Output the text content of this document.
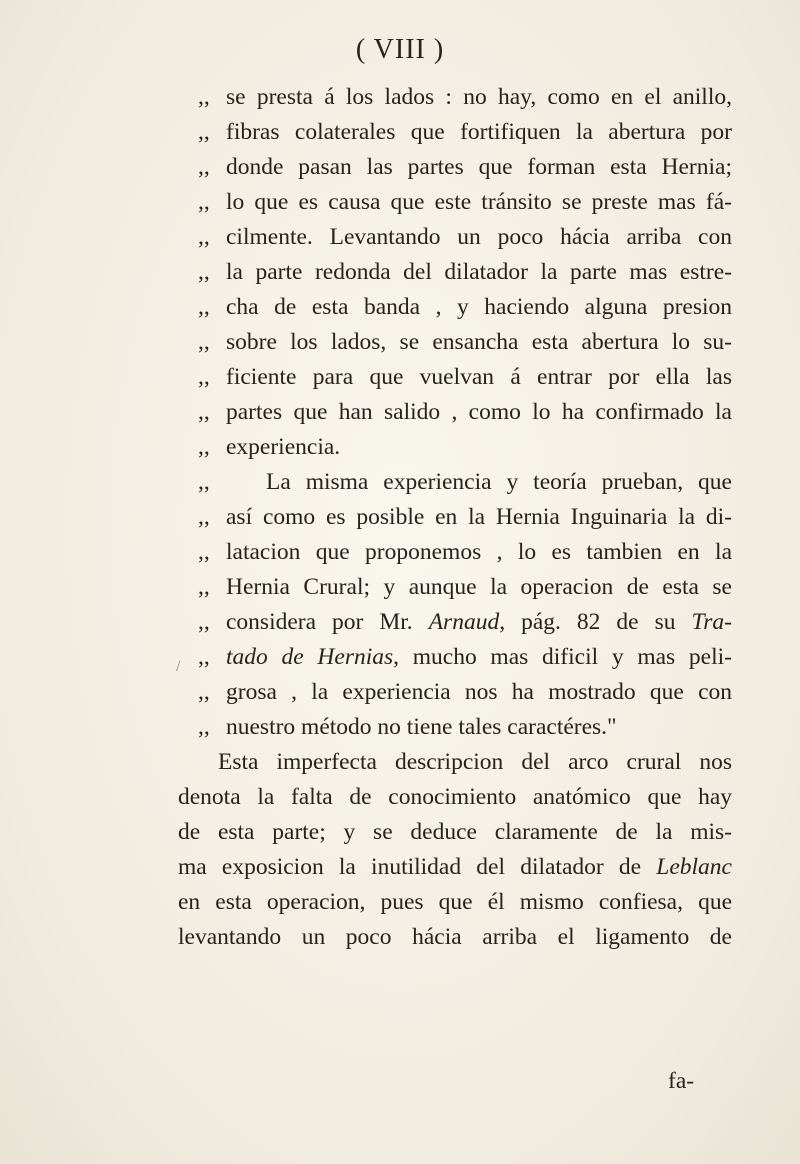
( VIII )
,, se presta á los lados : no hay, como en el anillo,
,, fibras colaterales que fortifiquen la abertura por
,, donde pasan las partes que forman esta Hernia;
,, lo que es causa que este tránsito se preste mas fá-
,, cilmente. Levantando un poco hácia arriba con
,, la parte redonda del dilatador la parte mas estre-
,, cha de esta banda , y haciendo alguna presion
,, sobre los lados, se ensancha esta abertura lo su-
,, ficiente para que vuelvan á entrar por ella las
,, partes que han salido , como lo ha confirmado la
,, experiencia.
,, La misma experiencia y teoría prueban, que
,, así como es posible en la Hernia Inguinaria la di-
,, latacion que proponemos , lo es tambien en la
,, Hernia Crural; y aunque la operacion de esta se
,, considera por Mr. Arnaud, pág. 82 de su Tra-
,, tado de Hernias, mucho mas dificil y mas peli-
,, grosa , la experiencia nos ha mostrado que con
,, nuestro método no tiene tales caractéres."
Esta imperfecta descripcion del arco crural nos
denota la falta de conocimiento anatómico que hay
de esta parte; y se deduce claramente de la mis-
ma exposicion la inutilidad del dilatador de Leblanc
en esta operacion, pues que él mismo confiesa, que
levantando un poco hácia arriba el ligamento de
fa-
/
